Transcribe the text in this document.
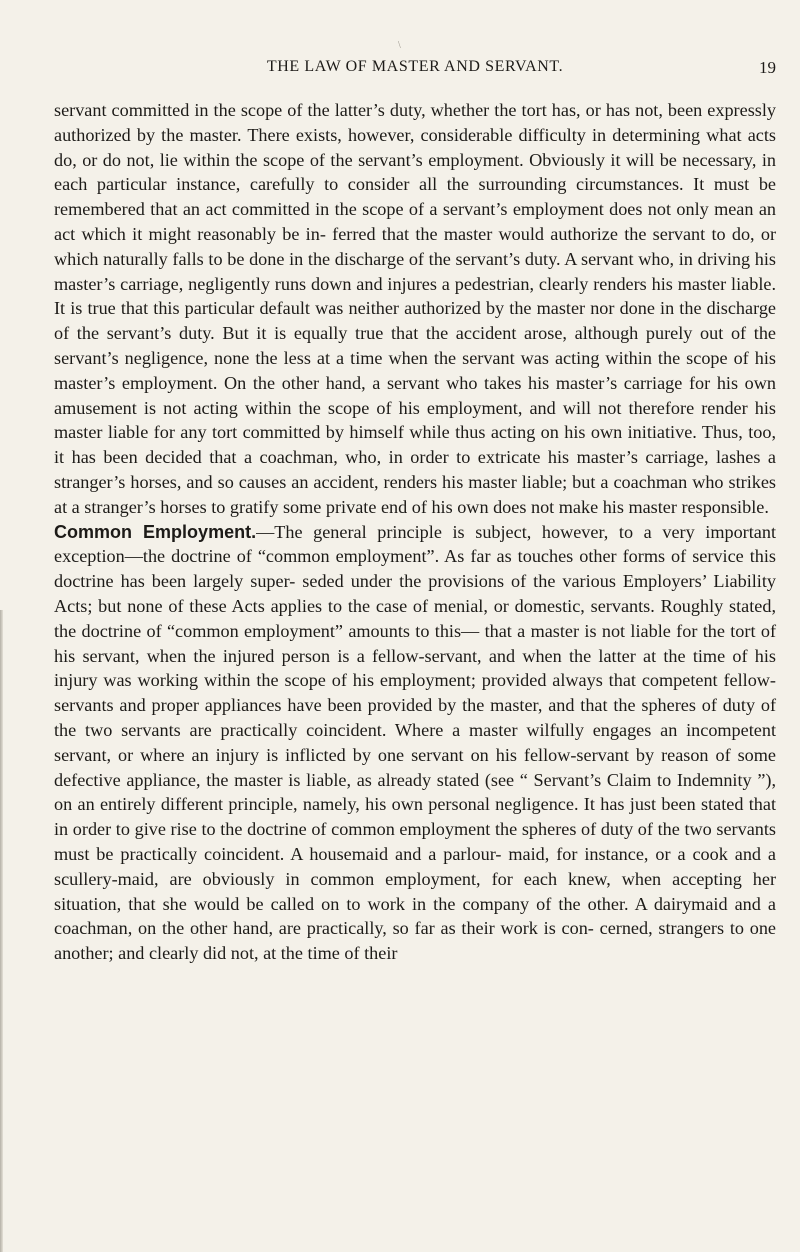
\
THE LAW OF MASTER AND SERVANT.	19

servant committed in the scope of the latter’s duty, whether the tort has, or has not, been expressly authorized by the master. There exists, however, considerable difficulty in determining what acts do, or do not, lie within the scope of the servant’s employment. Obviously it will be necessary, in each particular instance, carefully to consider all the surrounding circumstances. It must be remembered that an act committed in the scope of a servant’s employment does not only mean an act which it might reasonably be in- ferred that the master would authorize the servant to do, or which naturally falls to be done in the discharge of the servant’s duty. A servant who, in driving his master’s carriage, negligently runs down and injures a pedestrian, clearly renders his master liable. It is true that this particular default was neither authorized by the master nor done in the discharge of the servant’s duty. But it is equally true that the accident arose, although purely out of the servant’s negligence, none the less at a time when the servant was acting within the scope of his master’s employment. On the other hand, a servant who takes his master’s carriage for his own amusement is not acting within the scope of his employment, and will not therefore render his master liable for any tort committed by himself while thus acting on his own initiative. Thus, too, it has been decided that a coachman, who, in order to extricate his master’s carriage, lashes a stranger’s horses, and so causes an accident, renders his master liable; but a coachman who strikes at a stranger’s horses to gratify some private end of his own does not make his master responsible.

Common Employment.—The general principle is subject, however, to a very important exception—the doctrine of “common employment”. As far as touches other forms of service this doctrine has been largely super- seded under the provisions of the various Employers’ Liability Acts; but none of these Acts applies to the case of menial, or domestic, servants. Roughly stated, the doctrine of “common employment” amounts to this— that a master is not liable for the tort of his servant, when the injured person is a fellow-servant, and when the latter at the time of his injury was working within the scope of his employment; provided always that competent fellow-servants and proper appliances have been provided by the master, and that the spheres of duty of the two servants are practically coincident. Where a master wilfully engages an incompetent servant, or where an injury is inflicted by one servant on his fellow-servant by reason of some defective appliance, the master is liable, as already stated (see “ Servant’s Claim to Indemnity ”), on an entirely different principle, namely, his own personal negligence. It has just been stated that in order to give rise to the doctrine of common employment the spheres of duty of the two servants must be practically coincident. A housemaid and a parlour- maid, for instance, or a cook and a scullery-maid, are obviously in common employment, for each knew, when accepting her situation, that she would be called on to work in the company of the other. A dairymaid and a coachman, on the other hand, are practically, so far as their work is con- cerned, strangers to one another; and clearly did not, at the time of their
